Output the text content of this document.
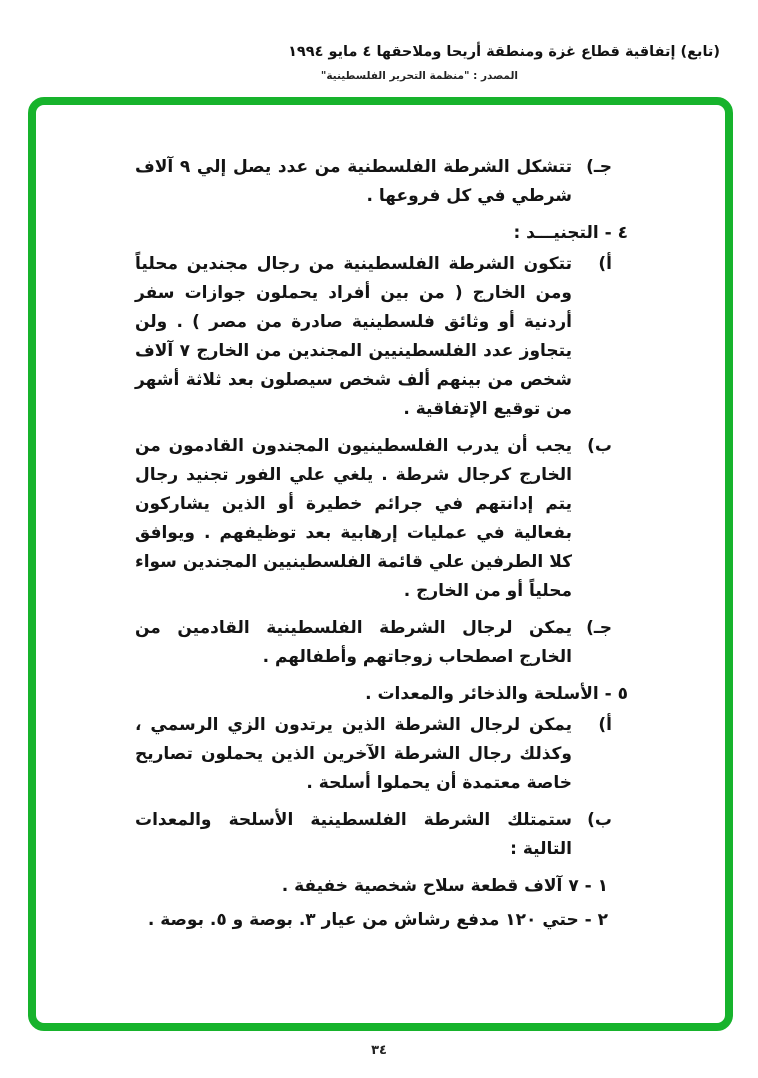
(تابع) إتفاقية قطاع غزة ومنطقة أريحا وملاحقها ٤ مايو ١٩٩٤
المصدر : "منظمة التحرير الفلسطينية"
جـ)
تتشكل الشرطة الفلسطنية من عدد يصل إلي ٩ آلاف شرطي في كل فروعها .
٤ - التجنيـــد :
أ)
تتكون الشرطة الفلسطينية من رجال مجندين محلياً ومن الخارج ( من بين أفراد يحملون جوازات سفر أردنية أو وثائق فلسطينية صادرة من مصر ) . ولن يتجاوز عدد الفلسطينيين المجندين من الخارج ٧ آلاف شخص من بينهم ألف شخص سيصلون بعد ثلاثة أشهر من توقيع الإتفاقية .
ب)
يجب أن يدرب الفلسطينيون المجندون القادمون من الخارج كرجال شرطة . يلغي علي الفور تجنيد رجال يتم إدانتهم في جرائم خطيرة أو الذين يشاركون بفعالية في عمليات إرهابية بعد توظيفهم . ويوافق كلا الطرفين علي قائمة الفلسطينيين المجندين سواء محلياً أو من الخارج .
جـ)
يمكن لرجال الشرطة الفلسطينية القادمين من الخارج اصطحاب زوجاتهم وأطفالهم .
٥ - الأسلحة والذخائر والمعدات .
أ)
يمكن لرجال الشرطة الذين يرتدون الزي الرسمي ، وكذلك رجال الشرطة الآخرين الذين يحملون تصاريح خاصة معتمدة أن يحملوا أسلحة .
ب)
ستمتلك الشرطة الفلسطينية الأسلحة والمعدات التالية :
١ - ٧ آلاف قطعة سلاح شخصية خفيفة .
٢ - حتي ١٢٠ مدفع رشاش من عيار ٣. بوصة و ٥. بوصة .
٣٤
